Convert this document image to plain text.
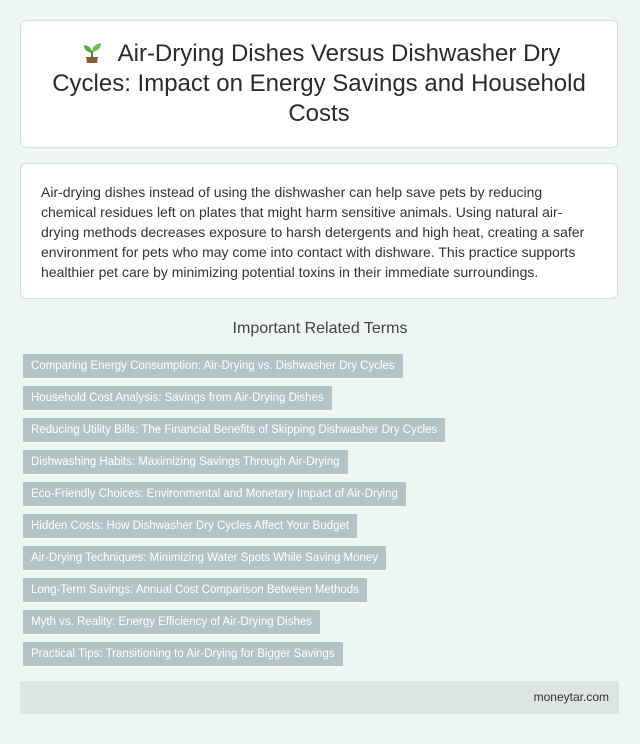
Air-Drying Dishes Versus Dishwasher Dry Cycles: Impact on Energy Savings and Household Costs

Air-drying dishes instead of using the dishwasher can help save pets by reducing chemical residues left on plates that might harm sensitive animals. Using natural air-drying methods decreases exposure to harsh detergents and high heat, creating a safer environment for pets who may come into contact with dishware. This practice supports healthier pet care by minimizing potential toxins in their immediate surroundings.

Important Related Terms
Comparing Energy Consumption: Air-Drying vs. Dishwasher Dry Cycles
Household Cost Analysis: Savings from Air-Drying Dishes
Reducing Utility Bills: The Financial Benefits of Skipping Dishwasher Dry Cycles
Dishwashing Habits: Maximizing Savings Through Air-Drying
Eco-Friendly Choices: Environmental and Monetary Impact of Air-Drying
Hidden Costs: How Dishwasher Dry Cycles Affect Your Budget
Air-Drying Techniques: Minimizing Water Spots While Saving Money
Long-Term Savings: Annual Cost Comparison Between Methods
Myth vs. Reality: Energy Efficiency of Air-Drying Dishes
Practical Tips: Transitioning to Air-Drying for Bigger Savings
moneytar.com
